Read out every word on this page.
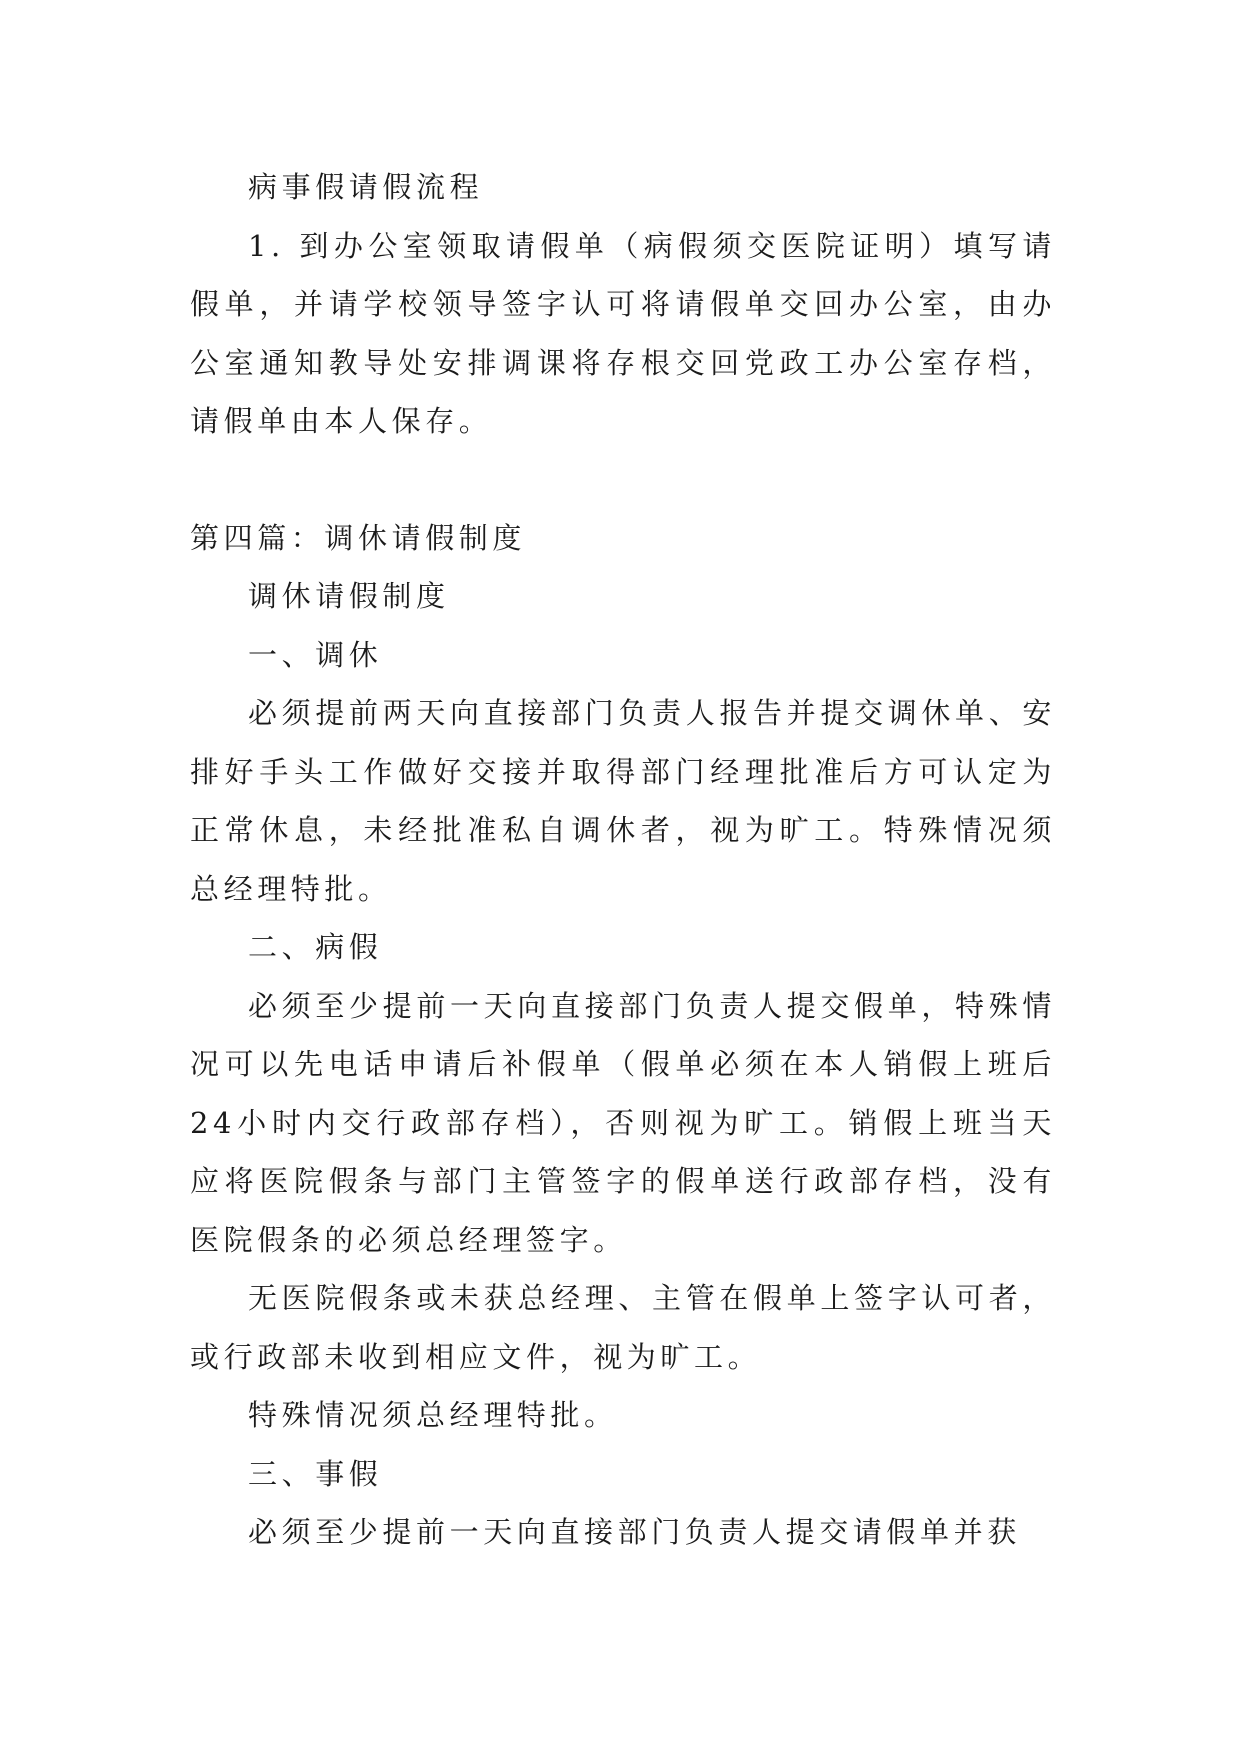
病事假请假流程

1. 到办公室领取请假单（病假须交医院证明）填写请假单，并请学校领导签字认可将请假单交回办公室，由办公室通知教导处安排调课将存根交回党政工办公室存档，请假单由本人保存。

第四篇：调休请假制度

调休请假制度

一、调休

必须提前两天向直接部门负责人报告并提交调休单、安排好手头工作做好交接并取得部门经理批准后方可认定为正常休息，未经批准私自调休者，视为旷工。特殊情况须总经理特批。

二、病假

必须至少提前一天向直接部门负责人提交假单，特殊情况可以先电话申请后补假单（假单必须在本人销假上班后24小时内交行政部存档），否则视为旷工。销假上班当天应将医院假条与部门主管签字的假单送行政部存档，没有医院假条的必须总经理签字。

无医院假条或未获总经理、主管在假单上签字认可者，或行政部未收到相应文件，视为旷工。

特殊情况须总经理特批。

三、事假

必须至少提前一天向直接部门负责人提交请假单并获
